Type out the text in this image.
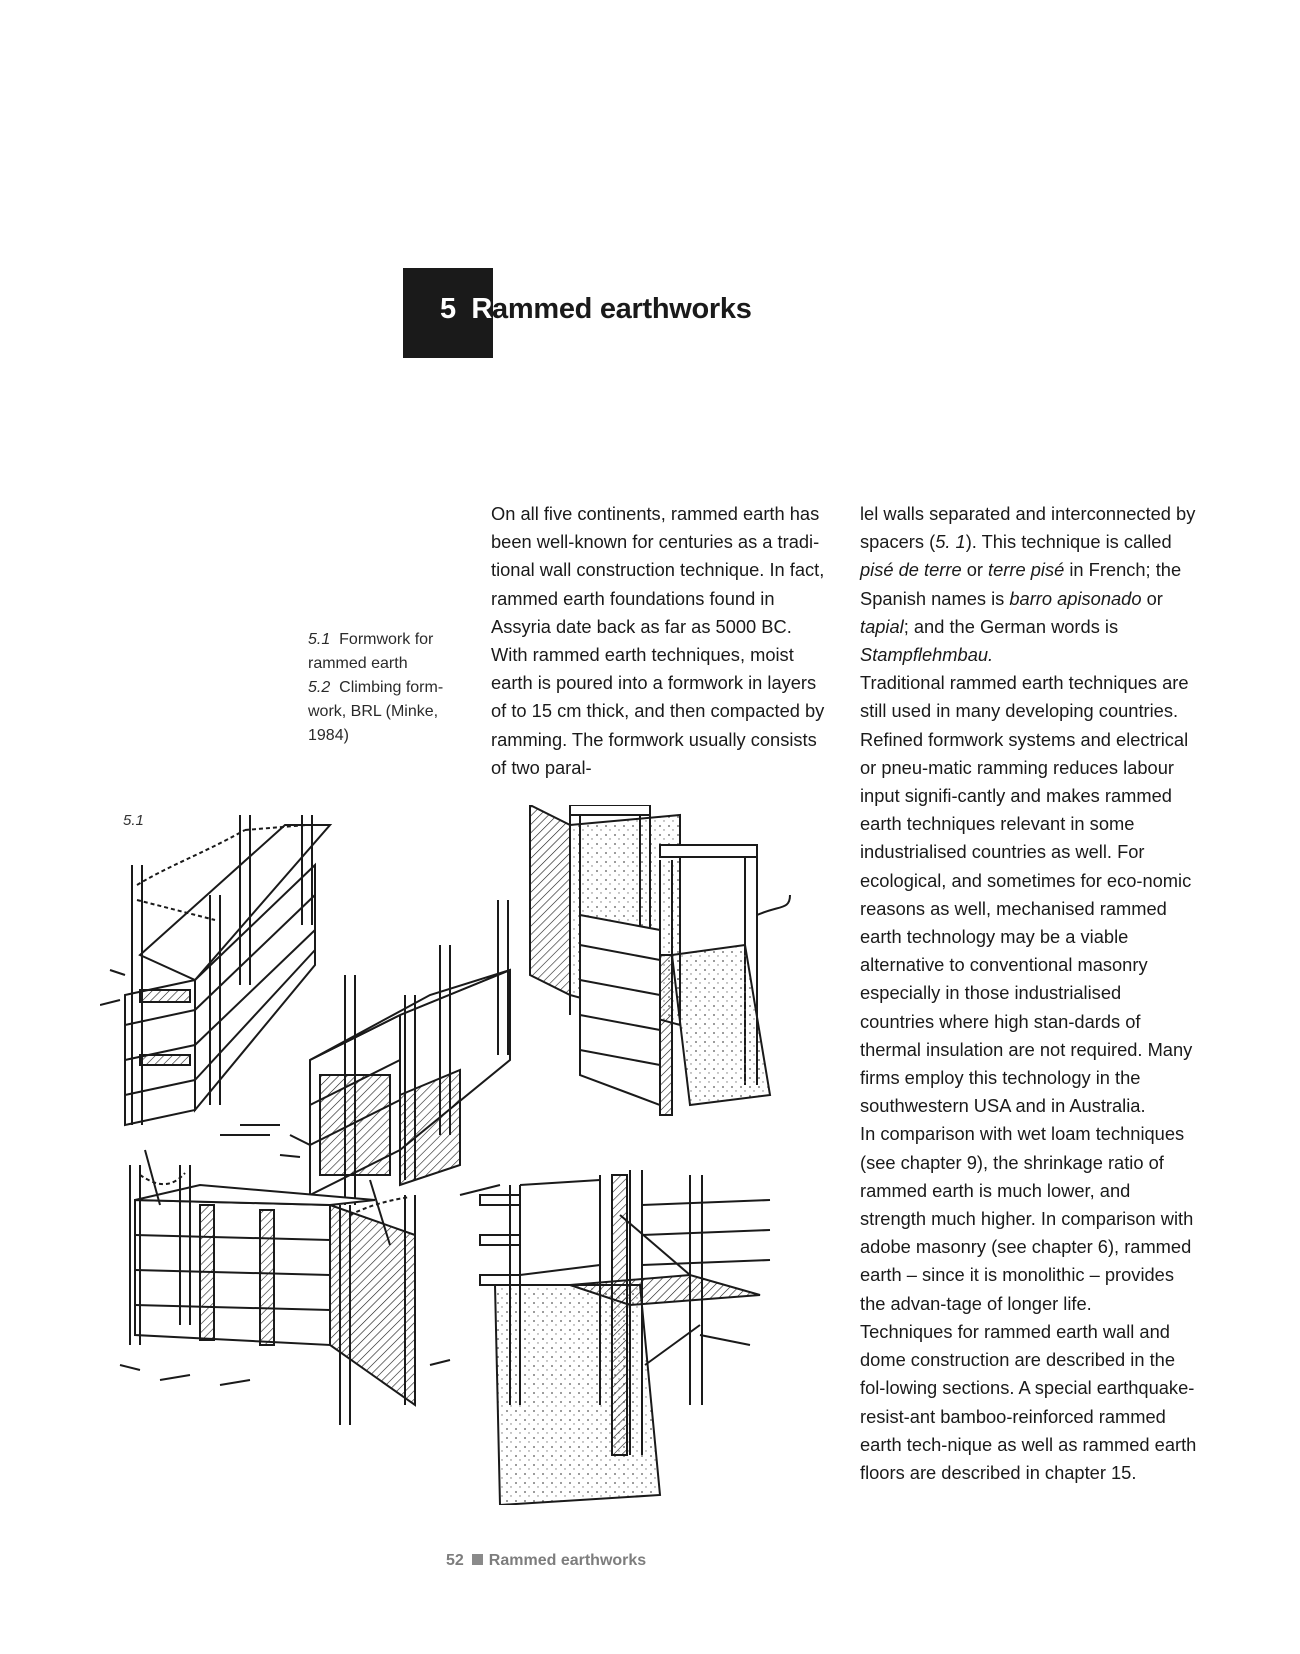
5 Rammed earthworks

5.1 Formwork for rammed earth

5.2 Climbing form-work, BRL (Minke, 1984)

On all five continents, rammed earth has been well-known for centuries as a tradi-tional wall construction technique. In fact, rammed earth foundations found in Assyria date back as far as 5000 BC.

With rammed earth techniques, moist earth is poured into a formwork in layers of to 15 cm thick, and then compacted by ramming. The formwork usually consists of two paral-

lel walls separated and interconnected by spacers (5. 1). This technique is called pisé de terre or terre pisé in French; the Spanish names is barro apisonado or tapial; and the German words is Stampflehmbau.

Traditional rammed earth techniques are still used in many developing countries. Refined formwork systems and electrical or pneu-matic ramming reduces labour input signifi-cantly and makes rammed earth techniques relevant in some industrialised countries as well. For ecological, and sometimes for eco-nomic reasons as well, mechanised rammed earth technology may be a viable alternative to conventional masonry especially in those industrialised countries where high stan-dards of thermal insulation are not required. Many firms employ this technology in the southwestern USA and in Australia.

In comparison with wet loam techniques (see chapter 9), the shrinkage ratio of rammed earth is much lower, and strength much higher. In comparison with adobe masonry (see chapter 6), rammed earth – since it is monolithic – provides the advan-tage of longer life.

Techniques for rammed earth wall and dome construction are described in the fol-lowing sections. A special earthquake-resist-ant bamboo-reinforced rammed earth tech-nique as well as rammed earth floors are described in chapter 15.

5.1
52 Rammed earthworks
